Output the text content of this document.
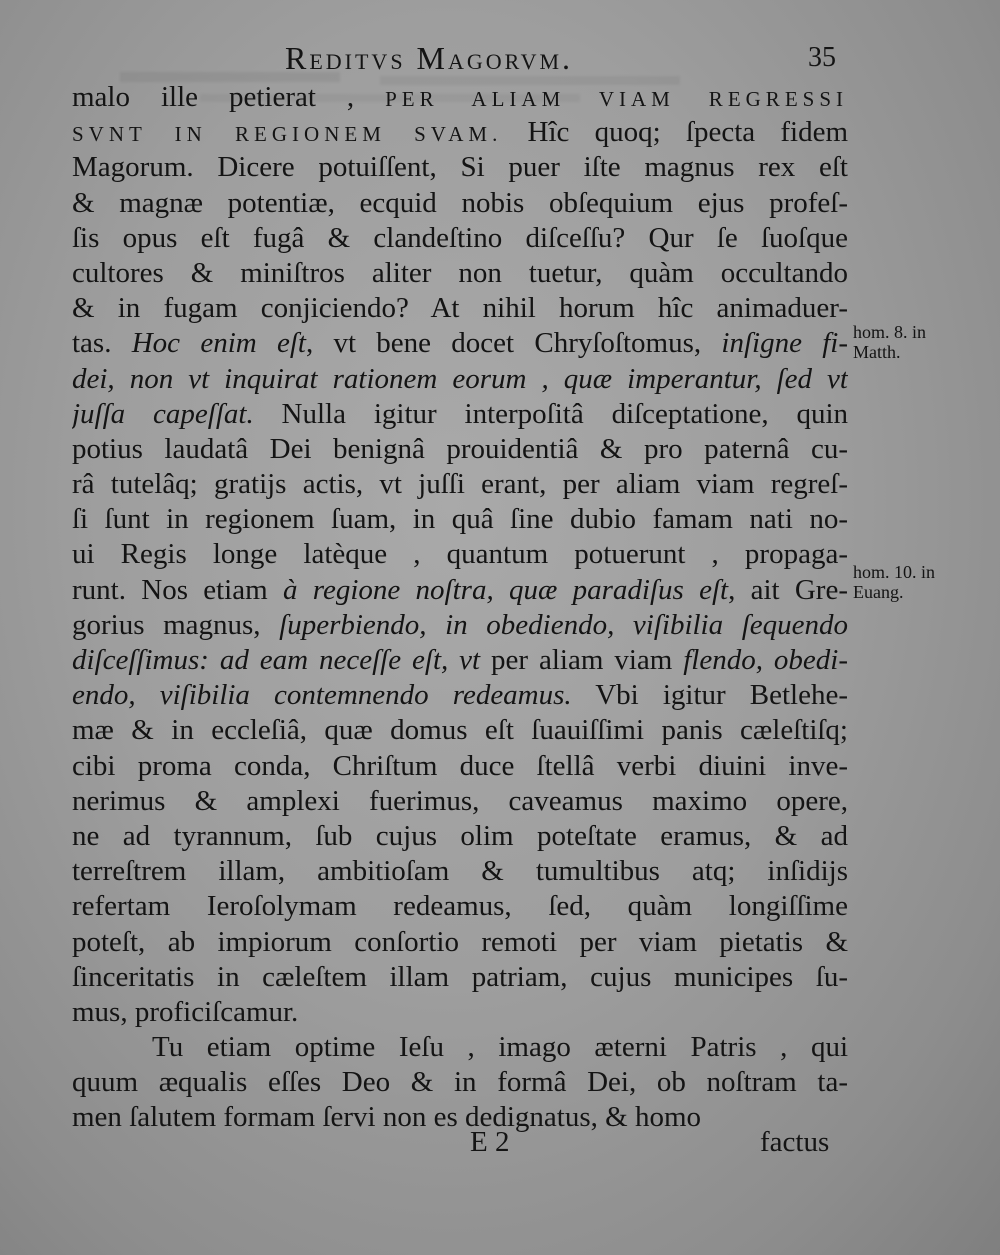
Reditvs Magorvm.	35
malo ille petierat , PER ALIAM VIAM REGRESSI
SVNT IN REGIONEM SVAM. Hîc quoq; ſpecta fidem
Magorum. Dicere potuiſſent, Si puer iſte magnus rex eſt
& magnæ potentiæ, ecquid nobis obſequium ejus profeſ-
ſis opus eſt fugâ & clandeſtino diſceſſu? Qur ſe ſuoſque
cultores & miniſtros aliter non tuetur, quàm occultando
& in fugam conjiciendo? At nihil horum hîc animaduer-
tas. Hoc enim eſt, vt bene docet Chryſoſtomus, inſigne fi-
dei, non vt inquirat rationem eorum , quæ imperantur, ſed vt
juſſa capeſſat. Nulla igitur interpoſitâ diſceptatione, quin
potius laudatâ Dei benignâ prouidentiâ & pro paternâ cu-
râ tutelâq; gratijs actis, vt juſſi erant, per aliam viam regreſ-
ſi ſunt in regionem ſuam, in quâ ſine dubio famam nati no-
ui Regis longe latèque , quantum potuerunt , propaga-
runt. Nos etiam à regione noſtra, quæ paradiſus eſt, ait Gre-
gorius magnus, ſuperbiendo, in obediendo, viſibilia ſequendo
diſceſſimus: ad eam neceſſe eſt, vt per aliam viam flendo, obedi-
endo, viſibilia contemnendo redeamus. Vbi igitur Betlehe-
mæ & in eccleſiâ, quæ domus eſt ſuauiſſimi panis cæleſtiſq;
cibi proma conda, Chriſtum duce ſtellâ verbi diuini inve-
nerimus & amplexi fuerimus, caveamus maximo opere,
ne ad tyrannum, ſub cujus olim poteſtate eramus, & ad
terreſtrem illam, ambitioſam & tumultibus atq; inſidijs
refertam Ieroſolymam redeamus, ſed, quàm longiſſime
poteſt, ab impiorum conſortio remoti per viam pietatis &
ſinceritatis in cæleſtem illam patriam, cujus municipes ſu-
mus, proficiſcamur.
Tu etiam optime Ieſu , imago æterni Patris , qui
quum æqualis eſſes Deo & in formâ Dei, ob noſtram ta-
men ſalutem formam ſervi non es dedignatus, & homo
hom. 8. in
Matth.
hom. 10. in
Euang.
E 2	factus
